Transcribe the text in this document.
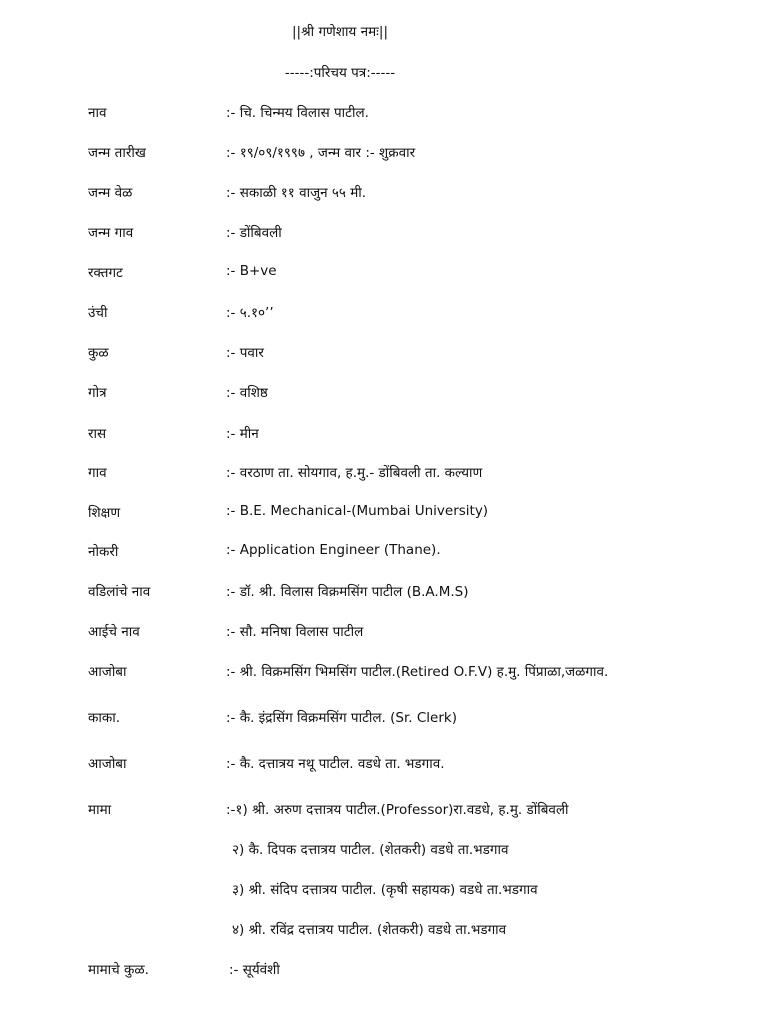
||श्री गणेशाय नमः||
-----:परिचय पत्र:-----
नाव	:- चि. चिन्मय विलास पाटील.
जन्म तारीख	:- १९/०९/१९९७ , जन्म वार :- शुक्रवार
जन्म वेळ	:- सकाळी ११ वाजुन ५५ मी.
जन्म गाव	:- डोंबिवली
रक्तगट	:- B+ve
उंची	:- ५.१०’’
कुळ	:- पवार
गोत्र	:- वशिष्ठ
रास	:- मीन
गाव	:- वरठाण ता. सोयगाव, ह.मु.- डोंबिवली ता. कल्याण
शिक्षण	:- B.E. Mechanical-(Mumbai University)
नोकरी	:- Application Engineer (Thane).
वडिलांचे नाव	:- डॉ. श्री. विलास विक्रमसिंग पाटील (B.A.M.S)
आईचे नाव	:- सौ. मनिषा विलास पाटील
आजोबा	:- श्री. विक्रमसिंग भिमसिंग पाटील.(Retired O.F.V) ह.मु. पिंप्राळा,जळगाव.
काका.	:- कै. इंद्रसिंग विक्रमसिंग पाटील. (Sr. Clerk)
आजोबा	:- कै. दत्तात्रय नथू पाटील. वडधे ता. भडगाव.
मामा	:-१) श्री. अरुण दत्तात्रय पाटील.(Professor)रा.वडधे, ह.मु. डोंबिवली
२) कै. दिपक दत्तात्रय पाटील. (शेतकरी) वडधे ता.भडगाव
३) श्री. संदिप दत्तात्रय पाटील. (कृषी सहायक) वडधे ता.भडगाव
४) श्री. रविंद्र दत्तात्रय पाटील. (शेतकरी) वडधे ता.भडगाव
मामाचे कुळ.	:- सूर्यवंशी
